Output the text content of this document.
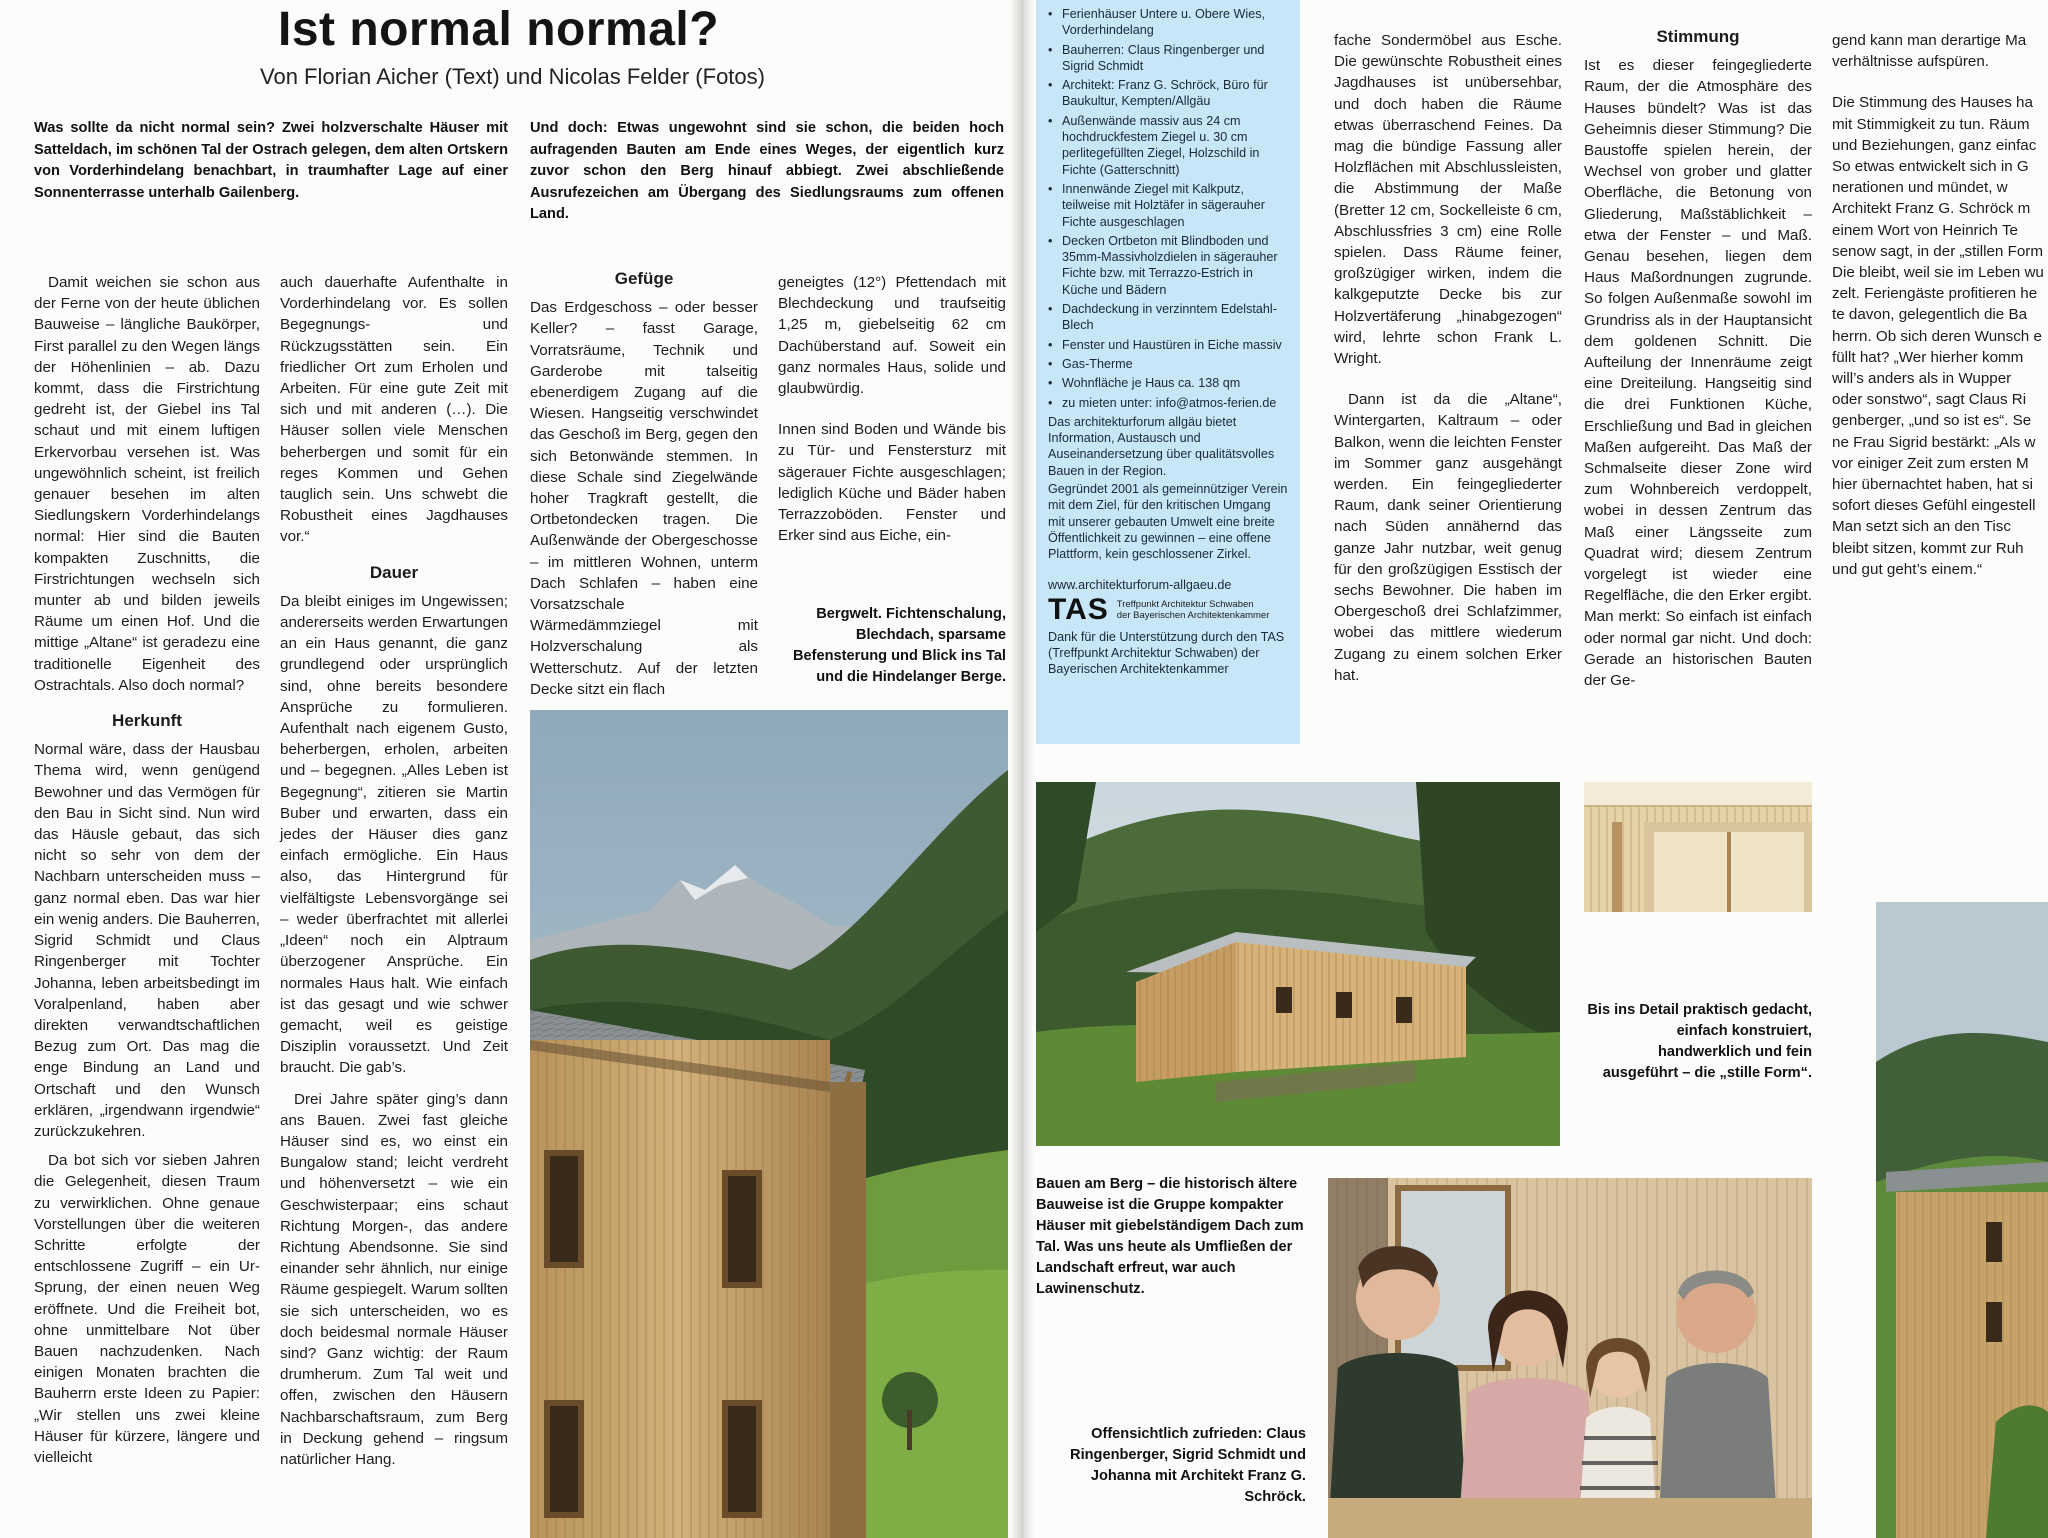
Ist normal normal?
Von Florian Aicher (Text) und Nicolas Felder (Fotos)
Was sollte da nicht normal sein? Zwei holzverschalte Häuser mit Satteldach, im schönen Tal der Ostrach gelegen, dem alten Ortskern von Vorderhindelang benachbart, in traumhafter Lage auf einer Sonnenterrasse unterhalb Gailenberg.
Und doch: Etwas ungewohnt sind sie schon, die beiden hoch aufragenden Bauten am Ende eines Weges, der eigentlich kurz zuvor schon den Berg hinauf abbiegt. Zwei abschließende Ausrufezeichen am Übergang des Siedlungsraums zum offenen Land.

Damit weichen sie schon aus der Ferne von der heute üblichen Bauweise – längliche Baukörper, First parallel zu den Wegen längs der Höhenlinien – ab. Dazu kommt, dass die Firstrichtung gedreht ist, der Giebel ins Tal schaut und mit einem luftigen Erkervorbau versehen ist. Was ungewöhnlich scheint, ist freilich genauer besehen im alten Siedlungskern Vorderhindelangs normal: Hier sind die Bauten kompakten Zuschnitts, die Firstrichtungen wechseln sich munter ab und bilden jeweils Räume um einen Hof. Und die mittige „Altane“ ist geradezu eine traditionelle Eigenheit des Ostrachtals. Also doch normal?

Herkunft

Normal wäre, dass der Hausbau Thema wird, wenn genügend Bewohner und das Vermögen für den Bau in Sicht sind. Nun wird das Häusle gebaut, das sich nicht so sehr von dem der Nachbarn unterscheiden muss – ganz normal eben. Das war hier ein wenig anders. Die Bauherren, Sigrid Schmidt und Claus Ringenberger mit Tochter Johanna, leben arbeitsbedingt im Voralpenland, haben aber direkten verwandtschaftlichen Bezug zum Ort. Das mag die enge Bindung an Land und Ortschaft und den Wunsch erklären, „irgendwann irgendwie“ zurückzukehren.

Da bot sich vor sieben Jahren die Gelegenheit, diesen Traum zu verwirklichen. Ohne genaue Vorstellungen über die weiteren Schritte erfolgte der entschlossene Zugriff – ein Ur-Sprung, der einen neuen Weg eröffnete. Und die Freiheit bot, ohne unmittelbare Not über Bauen nachzudenken. Nach einigen Monaten brachten die Bauherrn erste Ideen zu Papier: „Wir stellen uns zwei kleine Häuser für kürzere, längere und vielleicht

auch dauerhafte Aufenthalte in Vorderhindelang vor. Es sollen Begegnungs- und Rückzugsstätten sein. Ein friedlicher Ort zum Erholen und Arbeiten. Für eine gute Zeit mit sich und mit anderen (…). Die Häuser sollen viele Menschen beherbergen und somit für ein reges Kommen und Gehen tauglich sein. Uns schwebt die Robustheit eines Jagdhauses vor.“

Dauer

Da bleibt einiges im Ungewissen; andererseits werden Erwartungen an ein Haus genannt, die ganz grundlegend oder ursprünglich sind, ohne bereits besondere Ansprüche zu formulieren. Aufenthalt nach eigenem Gusto, beherbergen, erholen, arbeiten und – begegnen. „Alles Leben ist Begegnung“, zitieren sie Martin Buber und erwarten, dass ein jedes der Häuser dies ganz einfach ermögliche. Ein Haus also, das Hintergrund für vielfältigste Lebensvorgänge sei – weder überfrachtet mit allerlei „Ideen“ noch ein Alptraum überzogener Ansprüche. Ein normales Haus halt. Wie einfach ist das gesagt und wie schwer gemacht, weil es geistige Disziplin voraussetzt. Und Zeit braucht. Die gab’s.

Drei Jahre später ging’s dann ans Bauen. Zwei fast gleiche Häuser sind es, wo einst ein Bungalow stand; leicht verdreht und höhenversetzt – wie ein Geschwisterpaar; eins schaut Richtung Morgen-, das andere Richtung Abendsonne. Sie sind einander sehr ähnlich, nur einige Räume gespiegelt. Warum sollten sie sich unterscheiden, wo es doch beidesmal normale Häuser sind? Ganz wichtig: der Raum drumherum. Zum Tal weit und offen, zwischen den Häusern Nachbarschaftsraum, zum Berg in Deckung gehend – ringsum natürlicher Hang.

Gefüge

Das Erdgeschoss – oder besser Keller? – fasst Garage, Vorratsräume, Technik und Garderobe mit talseitig ebenerdigem Zugang auf die Wiesen. Hangseitig verschwindet das Geschoß im Berg, gegen den sich Betonwände stemmen. In diese Schale sind Ziegelwände hoher Tragkraft gestellt, die Ortbetondecken tragen. Die Außenwände der Obergeschosse – im mittleren Wohnen, unterm Dach Schlafen – haben eine Vorsatzschale Wärmedämmziegel mit Holzverschalung als Wetterschutz. Auf der letzten Decke sitzt ein flach

geneigtes (12°) Pfettendach mit Blechdeckung und traufseitig 1,25 m, giebelseitig 62 cm Dachüberstand auf. Soweit ein ganz normales Haus, solide und glaubwürdig.

Innen sind Boden und Wände bis zu Tür- und Fenstersturz mit sägerauer Fichte ausgeschlagen; lediglich Küche und Bäder haben Terrazzoböden. Fenster und Erker sind aus Eiche, ein-

Bergwelt. Fichtenschalung, Blechdach, sparsame Befensterung und Blick ins Tal und die Hindelanger Berge.
• Ferienhäuser Untere u. Obere Wies, Vorderhindelang
• Bauherren: Claus Ringenberger und Sigrid Schmidt
• Architekt: Franz G. Schröck, Büro für Baukultur, Kempten/Allgäu
• Außenwände massiv aus 24 cm hochdruckfestem Ziegel u. 30 cm perlitegefüllten Ziegel, Holzschild in Fichte (Gatterschnitt)
• Innenwände Ziegel mit Kalkputz, teilweise mit Holztäfer in sägerauher Fichte ausgeschlagen
• Decken Ortbeton mit Blindboden und 35mm-Massivholzdielen in sägerauher Fichte bzw. mit Terrazzo-Estrich in Küche und Bädern
• Dachdeckung in verzinntem Edelstahl-Blech
• Fenster und Haustüren in Eiche massiv
• Gas-Therme
• Wohnfläche je Haus ca. 138 qm
• zu mieten unter: info@atmos-ferien.de

Das architekturforum allgäu bietet Information, Austausch und Auseinandersetzung über qualitätsvolles Bauen in der Region.

Gegründet 2001 als gemeinnütziger Verein mit dem Ziel, für den kritischen Umgang mit unserer gebauten Umwelt eine breite Öffentlichkeit zu gewinnen – eine offene Plattform, kein geschlossener Zirkel.

www.architekturforum-allgaeu.de

TAS Treffpunkt Architektur Schwaben
der Bayerischen Architektenkammer

Dank für die Unterstützung durch den TAS (Treffpunkt Architektur Schwaben) der Bayerischen Architektenkammer

fache Sondermöbel aus Esche. Die gewünschte Robustheit eines Jagdhauses ist unübersehbar, und doch haben die Räume etwas überraschend Feines. Da mag die bündige Fassung aller Holzflächen mit Abschlussleisten, die Abstimmung der Maße (Bretter 12 cm, Sockelleiste 6 cm, Abschlussfries 3 cm) eine Rolle spielen. Dass Räume feiner, großzügiger wirken, indem die kalkgeputzte Decke bis zur Holzvertäferung „hinabgezogen“ wird, lehrte schon Frank L. Wright.

Dann ist da die „Altane“, Wintergarten, Kaltraum – oder Balkon, wenn die leichten Fenster im Sommer ganz ausgehängt werden. Ein feingegliederter Raum, dank seiner Orientierung nach Süden annähernd das ganze Jahr nutzbar, weit genug für den großzügigen Esstisch der sechs Bewohner. Die haben im Obergeschoß drei Schlafzimmer, wobei das mittlere wiederum Zugang zu einem solchen Erker hat.

Stimmung

Ist es dieser feingegliederte Raum, der die Atmosphäre des Hauses bündelt? Was ist das Geheimnis dieser Stimmung? Die Baustoffe spielen herein, der Wechsel von grober und glatter Oberfläche, die Betonung von Gliederung, Maßstäblichkeit – etwa der Fenster – und Maß. Genau besehen, liegen dem Haus Maßordnungen zugrunde. So folgen Außenmaße sowohl im Grundriss als in der Hauptansicht dem goldenen Schnitt. Die Aufteilung der Innenräume zeigt eine Dreiteilung. Hangseitig sind die drei Funktionen Küche, Erschließung und Bad in gleichen Maßen aufgereiht. Das Maß der Schmalseite dieser Zone wird zum Wohnbereich verdoppelt, wobei in dessen Zentrum das Maß einer Längsseite zum Quadrat wird; diesem Zentrum vorgelegt ist wieder eine Regelfläche, die den Erker ergibt. Man merkt: So einfach ist einfach oder normal gar nicht. Und doch: Gerade an historischen Bauten der Ge-

gend kann man derartige Ma
verhältnisse aufspüren.
Die Stimmung des Hauses ha
mit Stimmigkeit zu tun. Räum
und Beziehungen, ganz einfac
So etwas entwickelt sich in G
nerationen und mündet, w
Architekt Franz G. Schröck m
einem Wort von Heinrich Te
senow sagt, in der „stillen Form
Die bleibt, weil sie im Leben wu
zelt. Feriengäste profitieren he
te davon, gelegentlich die Ba
herrn. Ob sich deren Wunsch e
füllt hat? „Wer hierher komm
will’s anders als in Wupper
oder sonstwo“, sagt Claus Ri
genberger, „und so ist es“. Se
ne Frau Sigrid bestärkt: „Als w
vor einiger Zeit zum ersten M
hier übernachtet haben, hat si
sofort dieses Gefühl eingestell
Man setzt sich an den Tisc
bleibt sitzen, kommt zur Ruh
und gut geht’s einem.“
Bis ins Detail praktisch gedacht, einfach konstruiert, handwerklich und fein ausgeführt – die „stille Form“.
Bauen am Berg – die historisch ältere Bauweise ist die Gruppe kompakter Häuser mit giebelständigem Dach zum Tal. Was uns heute als Umfließen der Landschaft erfreut, war auch Lawinenschutz.
Offensichtlich zufrieden: Claus Ringenberger, Sigrid Schmidt und Johanna mit Architekt Franz G. Schröck.
